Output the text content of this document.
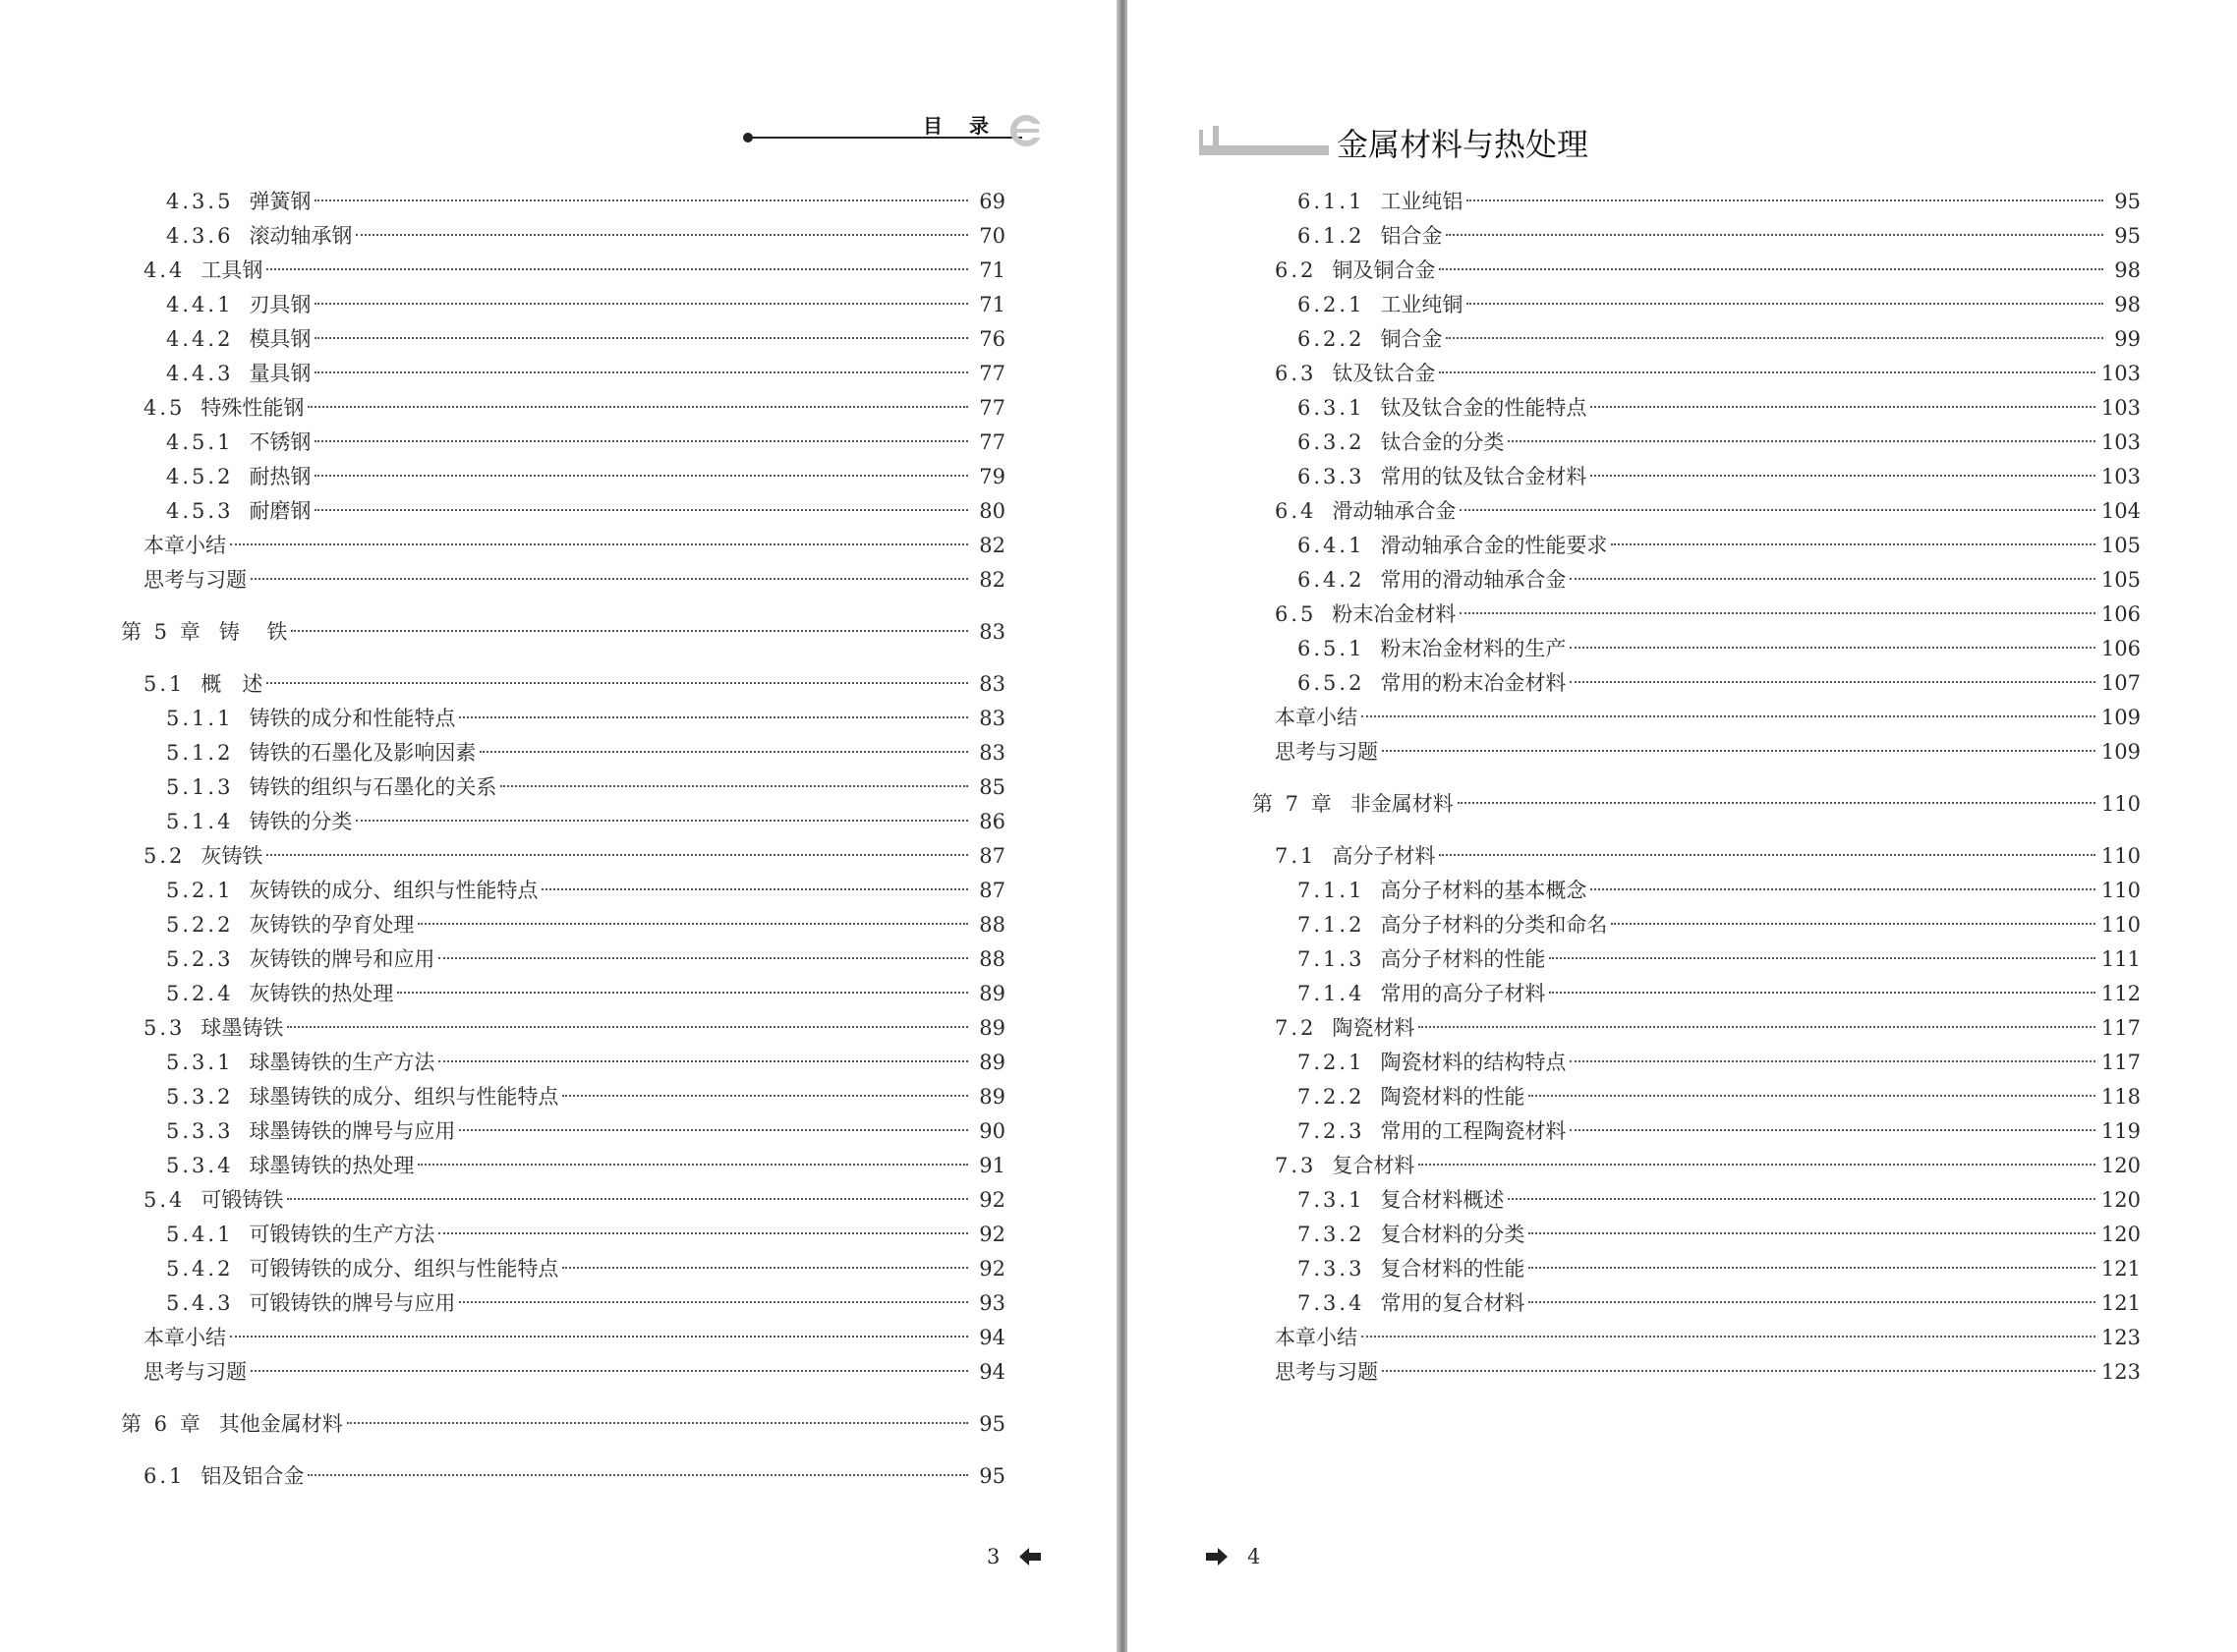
目 录
4.3.5 弹簧钢	69
4.3.6 滚动轴承钢	70
4.4 工具钢	71
4.4.1 刃具钢	71
4.4.2 模具钢	76
4.4.3 量具钢	77
4.5 特殊性能钢	77
4.5.1 不锈钢	77
4.5.2 耐热钢	79
4.5.3 耐磨钢	80
本章小结	82
思考与习题	82
第 5 章 铸　 铁	83
5.1 概　述	83
5.1.1 铸铁的成分和性能特点	83
5.1.2 铸铁的石墨化及影响因素	83
5.1.3 铸铁的组织与石墨化的关系	85
5.1.4 铸铁的分类	86
5.2 灰铸铁	87
5.2.1 灰铸铁的成分、组织与性能特点	87
5.2.2 灰铸铁的孕育处理	88
5.2.3 灰铸铁的牌号和应用	88
5.2.4 灰铸铁的热处理	89
5.3 球墨铸铁	89
5.3.1 球墨铸铁的生产方法	89
5.3.2 球墨铸铁的成分、组织与性能特点	89
5.3.3 球墨铸铁的牌号与应用	90
5.3.4 球墨铸铁的热处理	91
5.4 可锻铸铁	92
5.4.1 可锻铸铁的生产方法	92
5.4.2 可锻铸铁的成分、组织与性能特点	92
5.4.3 可锻铸铁的牌号与应用	93
本章小结	94
思考与习题	94
第 6 章 其他金属材料	95
6.1 铝及铝合金	95
3
金属材料与热处理
6.1.1 工业纯铝	95
6.1.2 铝合金	95
6.2 铜及铜合金	98
6.2.1 工业纯铜	98
6.2.2 铜合金	99
6.3 钛及钛合金	103
6.3.1 钛及钛合金的性能特点	103
6.3.2 钛合金的分类	103
6.3.3 常用的钛及钛合金材料	103
6.4 滑动轴承合金	104
6.4.1 滑动轴承合金的性能要求	105
6.4.2 常用的滑动轴承合金	105
6.5 粉末冶金材料	106
6.5.1 粉末冶金材料的生产	106
6.5.2 常用的粉末冶金材料	107
本章小结	109
思考与习题	109
第 7 章 非金属材料	110
7.1 高分子材料	110
7.1.1 高分子材料的基本概念	110
7.1.2 高分子材料的分类和命名	110
7.1.3 高分子材料的性能	111
7.1.4 常用的高分子材料	112
7.2 陶瓷材料	117
7.2.1 陶瓷材料的结构特点	117
7.2.2 陶瓷材料的性能	118
7.2.3 常用的工程陶瓷材料	119
7.3 复合材料	120
7.3.1 复合材料概述	120
7.3.2 复合材料的分类	120
7.3.3 复合材料的性能	121
7.3.4 常用的复合材料	121
本章小结	123
思考与习题	123
4
